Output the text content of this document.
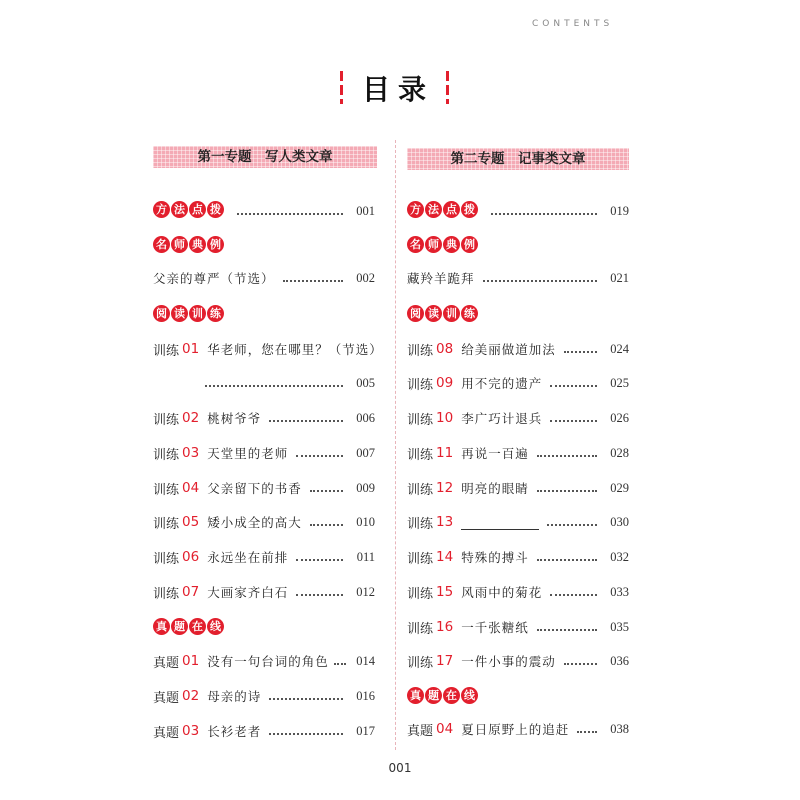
CONTENTS
目录
第一专题　写人类文章
方 法 点 拨	001
名 师 典 例
父亲的尊严（节选）	002
阅 读 训 练
训练 01 华老师，您在哪里？（节选）
005
训练 02 桃树爷爷	006
训练 03 天堂里的老师	007
训练 04 父亲留下的书香	009
训练 05 矮小成全的高大	010
训练 06 永远坐在前排	011
训练 07 大画家齐白石	012
真 题 在 线
真题 01 没有一句台词的角色	014
真题 02 母亲的诗	016
真题 03 长衫老者	017
第二专题　记事类文章
方 法 点 拨	019
名 师 典 例
藏羚羊跪拜	021
阅 读 训 练
训练 08 给美丽做道加法	024
训练 09 用不完的遗产	025
训练 10 李广巧计退兵	026
训练 11 再说一百遍	028
训练 12 明亮的眼睛	029
训练 13	030
训练 14 特殊的搏斗	032
训练 15 风雨中的菊花	033
训练 16 一千张糖纸	035
训练 17 一件小事的震动	036
真 题 在 线
真题 04 夏日原野上的追赶	038
001
